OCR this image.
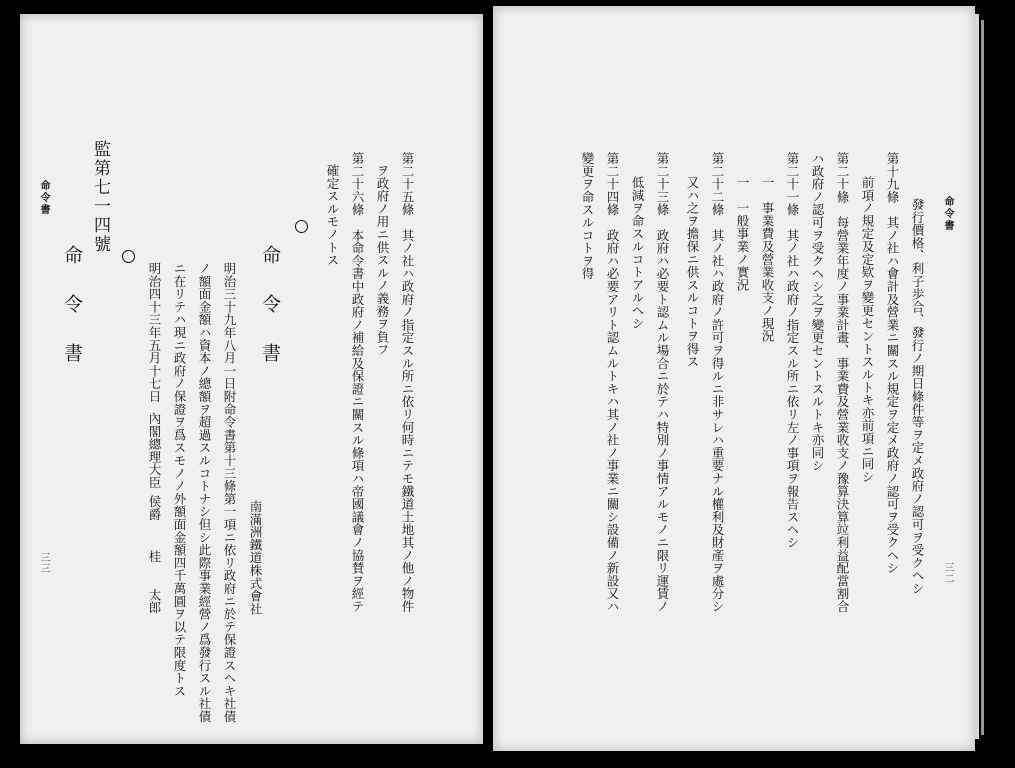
命令書
三三	第二十五條　其ノ社ハ政府ノ指定スル所ニ依リ何時ニテモ鐵道土地其ノ他ノ物件
ヲ政府ノ用ニ供スルノ義務ヲ負フ
第二十六條　本命令書中政府ノ補給及保證ニ關スル條項ハ帝國議會ノ協賛ヲ經テ
確定スルモノトス
命令書
南滿洲鐵道株式會社
明治三十九年八月一日附命令書第十三條第一項ニ依リ政府ニ於テ保證スヘキ社債
ノ額面金額ハ資本ノ總額ヲ超過スルコトナシ但シ此際事業經營ノ爲發行スル社債
ニ在リテハ現ニ政府ノ保證ヲ爲スモノノ外額面金額四千萬圓ヲ以テ限度トス
明治四十三年五月十七日
內閣總理大臣
侯爵
桂　　太郎
監第七一四號
命令書
命令書
三二
發行價格、利子歩合、發行ノ期日條件等ヲ定メ政府ノ認可ヲ受クヘシ
第十九條　其ノ社ハ會計及營業ニ關スル規定ヲ定メ政府ノ認可ヲ受クヘシ
前項ノ規定及定欵ヲ變更セントスルトキ亦前項ニ同シ
第二十條　每營業年度ノ事業計畫、事業費及營業收支ノ豫算決算竝利益配當割合
ハ政府ノ認可ヲ受クヘシ之ヲ變更セントスルトキ亦同シ
第二十一條　其ノ社ハ政府ノ指定スル所ニ依リ左ノ事項ヲ報告スヘシ
一　事業費及營業收支ノ現況
一　一般事業ノ實況
第二十二條　其ノ社ハ政府ノ許可ヲ得ルニ非サレハ重要ナル權利及財產ヲ處分シ
又ハ之ヲ擔保ニ供スルコトヲ得ス
第二十三條　政府ハ必要ト認ムル場合ニ於テハ特別ノ事情アルモノニ限リ運賃ノ
低減ヲ命スルコトアルヘシ
第二十四條　政府ハ必要アリト認ムルトキハ其ノ社ノ事業ニ關シ設備ノ新設又ハ
變更ヲ命スルコトヲ得
